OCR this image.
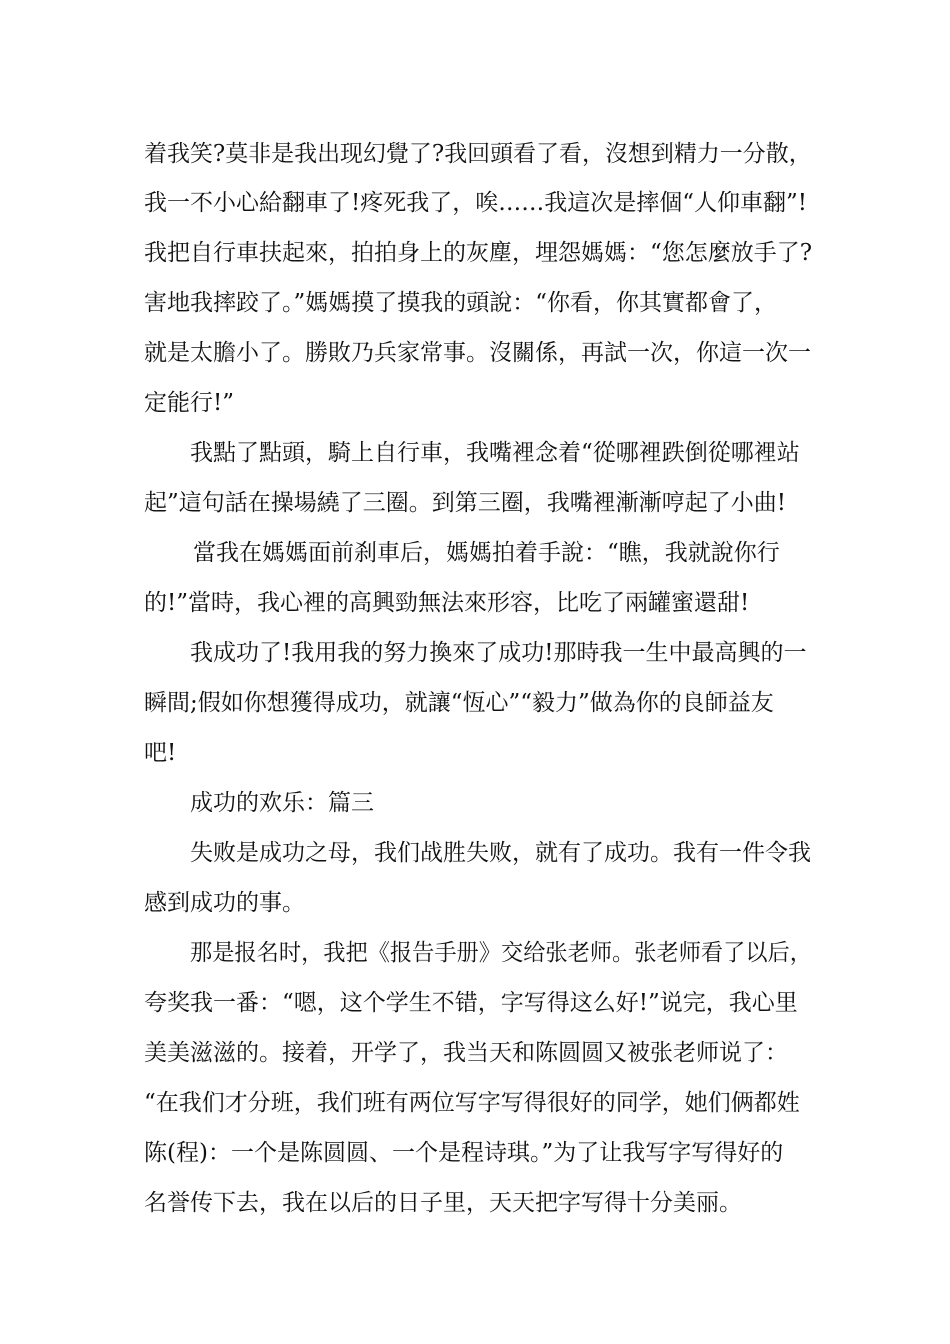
着我笑?莫非是我出现幻覺了?我回頭看了看，沒想到精力一分散，

我一不小心給翻車了!疼死我了，唉……我這次是摔個“人仰車翻”!

我把自行車扶起來，拍拍身上的灰塵，埋怨媽媽：“您怎麼放手了?

害地我摔跤了。”媽媽摸了摸我的頭說：“你看，你其實都會了，

就是太膽小了。勝敗乃兵家常事。沒關係，再試一次，你這一次一

定能行!”

我點了點頭，騎上自行車，我嘴裡念着“從哪裡跌倒從哪裡站

起”這句話在操場繞了三圈。到第三圈，我嘴裡漸漸哼起了小曲!

當我在媽媽面前刹車后，媽媽拍着手說：“瞧，我就說你行

的!”當時，我心裡的高興勁無法來形容，比吃了兩罐蜜還甜!

我成功了!我用我的努力換來了成功!那時我一生中最高興的一

瞬間;假如你想獲得成功，就讓“恆心”“毅力”做為你的良師益友

吧!

成功的欢乐：篇三

失败是成功之母，我们战胜失败，就有了成功。我有一件令我

感到成功的事。

那是报名时，我把《报告手册》交给张老师。张老师看了以后，

夸奖我一番：“嗯，这个学生不错，字写得这么好!”说完，我心里

美美滋滋的。接着，开学了，我当天和陈圆圆又被张老师说了：

“在我们才分班，我们班有两位写字写得很好的同学，她们俩都姓

陈(程)：一个是陈圆圆、一个是程诗琪。”为了让我写字写得好的

名誉传下去，我在以后的日子里，天天把字写得十分美丽。
